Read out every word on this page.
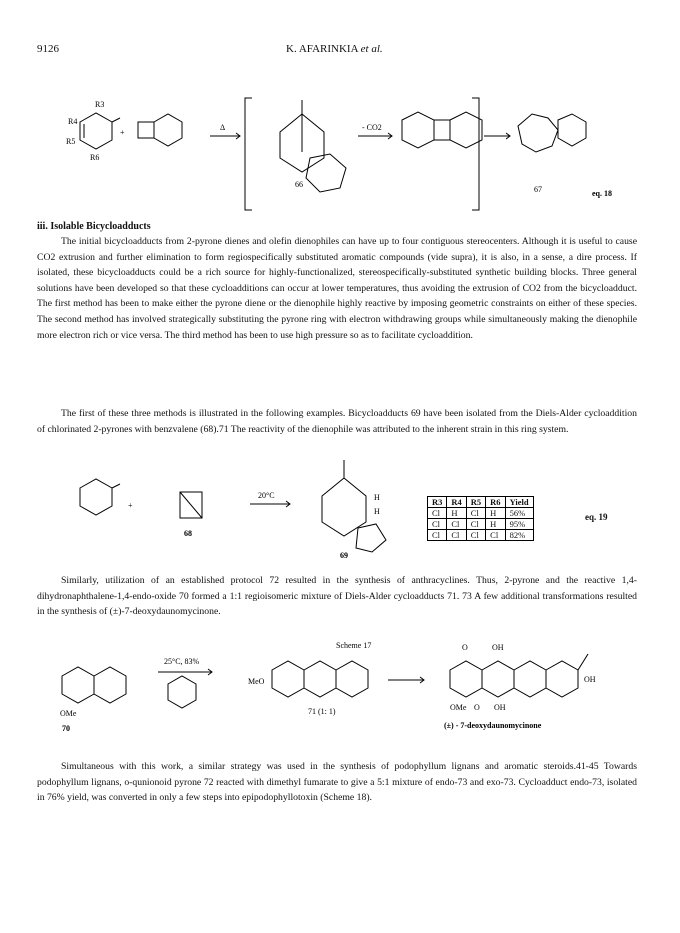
9126	K. AFARINKIA et al.
R3
R4
R5
R6
+
Δ	- CO2
66
67	eq. 18
iii. Isolable Bicycloadducts
The initial bicycloadducts from 2-pyrone dienes and olefin dienophiles can have up to four contiguous stereocenters. Although it is useful to cause CO2 extrusion and further elimination to form regiospecifically substituted aromatic compounds (vide supra), it is also, in a sense, a dire process. If isolated, these bicycloadducts could be a rich source for highly-functionalized, stereospecifically-substituted synthetic building blocks. Three general solutions have been developed so that these cycloadditions can occur at lower temperatures, thus avoiding the extrusion of CO2 from the bicycloadduct. The first method has been to make either the pyrone diene or the dienophile highly reactive by imposing geometric constraints on either of these species. The second method has involved strategically substituting the pyrone ring with electron withdrawing groups while simultaneously making the dienophile more electron rich or vice versa. The third method has been to use high pressure so as to facilitate cycloaddition.
The first of these three methods is illustrated in the following examples. Bicycloadducts 69 have been isolated from the Diels-Alder cycloaddition of chlorinated 2-pyrones with benzvalene (68).71 The reactivity of the dienophile was attributed to the inherent strain in this ring system.
+
20°C
68
69
H
H
R3	R4	R5	R6	Yield
Cl	H	Cl	H	56%
Cl	Cl	Cl	H	95%
Cl	Cl	Cl	Cl	82%
eq. 19
Similarly, utilization of an established protocol 72 resulted in the synthesis of anthracyclines. Thus, 2-pyrone and the reactive 1,4-dihydronaphthalene-1,4-endo-oxide 70 formed a 1:1 regioisomeric mixture of Diels-Alder cycloadducts 71. 73 A few additional transformations resulted in the synthesis of (±)-7-deoxydaunomycinone.
Scheme 17
25°C, 83%
OMe
70
MeO
71 (1: 1)
O	OH
OH
OMe O OH
(±) - 7-deoxydaunomycinone
Simultaneous with this work, a similar strategy was used in the synthesis of podophyllum lignans and aromatic steroids.41-45 Towards podophyllum lignans, o-qunionoid pyrone 72 reacted with dimethyl fumarate to give a 5:1 mixture of endo-73 and exo-73. Cycloadduct endo-73, isolated in 76% yield, was converted in only a few steps into epipodophyllotoxin (Scheme 18).
